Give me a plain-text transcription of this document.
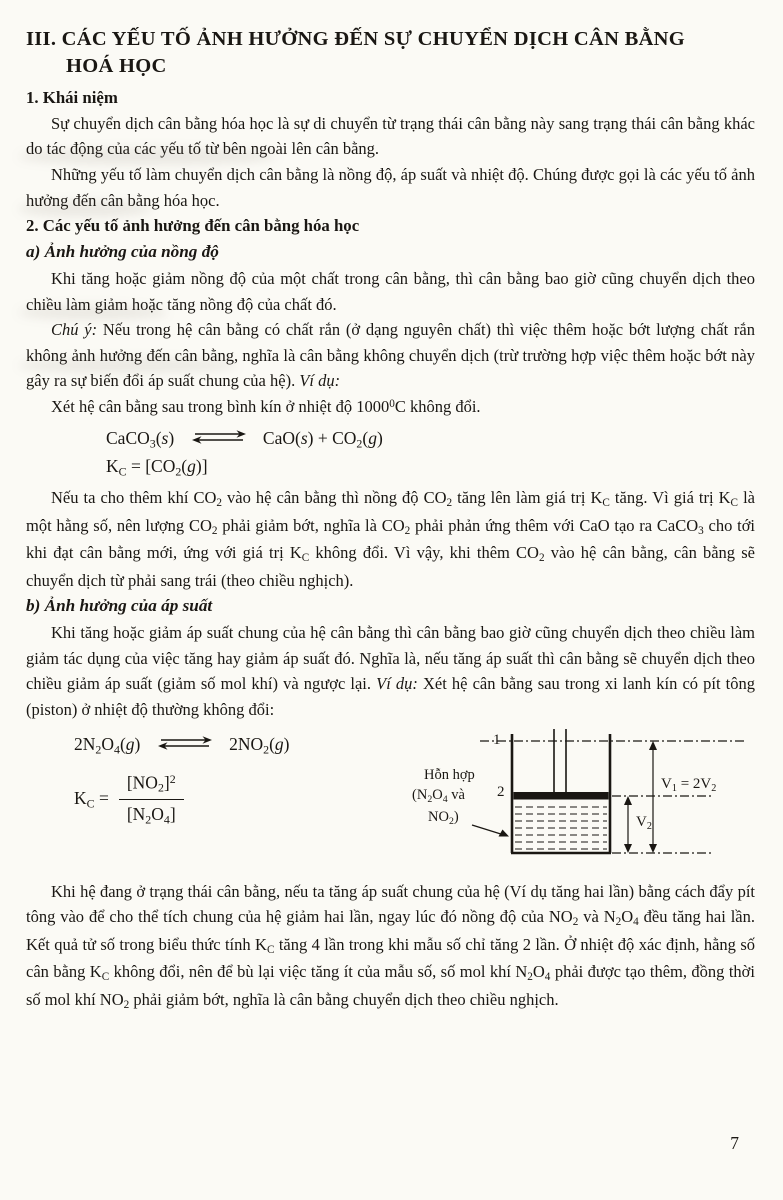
III. CÁC YẾU TỐ ẢNH HƯỞNG ĐẾN SỰ CHUYỂN DỊCH CÂN BẰNG
HOÁ HỌC
1. Khái niệm

Sự chuyển dịch cân bằng hóa học là sự di chuyển từ trạng thái cân bằng này sang trạng thái cân bằng khác do tác động của các yếu tố từ bên ngoài lên cân bằng.

Những yếu tố làm chuyển dịch cân bằng là nồng độ, áp suất và nhiệt độ. Chúng được gọi là các yếu tố ảnh hưởng đến cân bằng hóa học.

2. Các yếu tố ảnh hưởng đến cân bằng hóa học
a) Ảnh hưởng của nồng độ

Khi tăng hoặc giảm nồng độ của một chất trong cân bằng, thì cân bằng bao giờ cũng chuyển dịch theo chiều làm giảm hoặc tăng nồng độ của chất đó.

Chú ý: Nếu trong hệ cân bằng có chất rắn (ở dạng nguyên chất) thì việc thêm hoặc bớt lượng chất rắn không ảnh hưởng đến cân bằng, nghĩa là cân bằng không chuyển dịch (trừ trường hợp việc thêm hoặc bớt này gây ra sự biến đổi áp suất chung của hệ). Ví dụ:

Xét hệ cân bằng sau trong bình kín ở nhiệt độ 1000$^0$C không đổi.

CaCO$_3$(s) ⇌ $CaO(s) + CO_2(g)$
$K_C = [CO_2(g)]$

Nếu ta cho thêm khí $CO_2$ vào hệ cân bằng thì nồng độ $CO_2$ tăng lên làm giá trị $K_C$ tăng. Vì giá trị $K_C$ là một hằng số, nên lượng $CO_2$ phải giảm bớt, nghĩa là $CO_2$ phải phản ứng thêm với CaO tạo ra CaCO$_3$ cho tới khi đạt cân bằng mới, ứng với giá trị $K_C$ không đổi. Vì vậy, khi thêm $CO_2$ vào hệ cân bằng, cân bằng sẽ chuyển dịch từ phải sang trái (theo chiều nghịch).

b) Ảnh hưởng của áp suất

Khi tăng hoặc giảm áp suất chung của hệ cân bằng thì cân bằng bao giờ cũng chuyển dịch theo chiều làm giảm tác dụng của việc tăng hay giảm áp suất đó. Nghĩa là, nếu tăng áp suất thì cân bằng sẽ chuyển dịch theo chiều giảm áp suất (giảm số mol khí) và ngược lại. Ví dụ: Xét hệ cân bằng sau trong xi lanh kín có pít tông (piston) ở nhiệt độ thường không đổi:

$2N_2O_4(g)$ ⇌ $2NO_2(g)$
$K_C = \frac{[NO_2]^2}{[N_2O_4]}$	Hỗn hợp
($N_2O_4$ và
$NO_2$)
1
2	$V_1 = 2V_2$
$V_2$

Khi hệ đang ở trạng thái cân bằng, nếu ta tăng áp suất chung của hệ (Ví dụ tăng hai lần) bằng cách đẩy pít tông vào để cho thể tích chung của hệ giảm hai lần, ngay lúc đó nồng độ của $NO_2$ và $N_2O_4$ đều tăng hai lần. Kết quả tử số trong biểu thức tính $K_C$ tăng 4 lần trong khi mẫu số chỉ tăng 2 lần. Ở nhiệt độ xác định, hằng số cân bằng $K_C$ không đổi, nên để bù lại việc tăng ít của mẫu số, số mol khí $N_2O_4$ phải được tạo thêm, đồng thời số mol khí $NO_2$ phải giảm bớt, nghĩa là cân bằng chuyển dịch theo chiều nghịch.

7
